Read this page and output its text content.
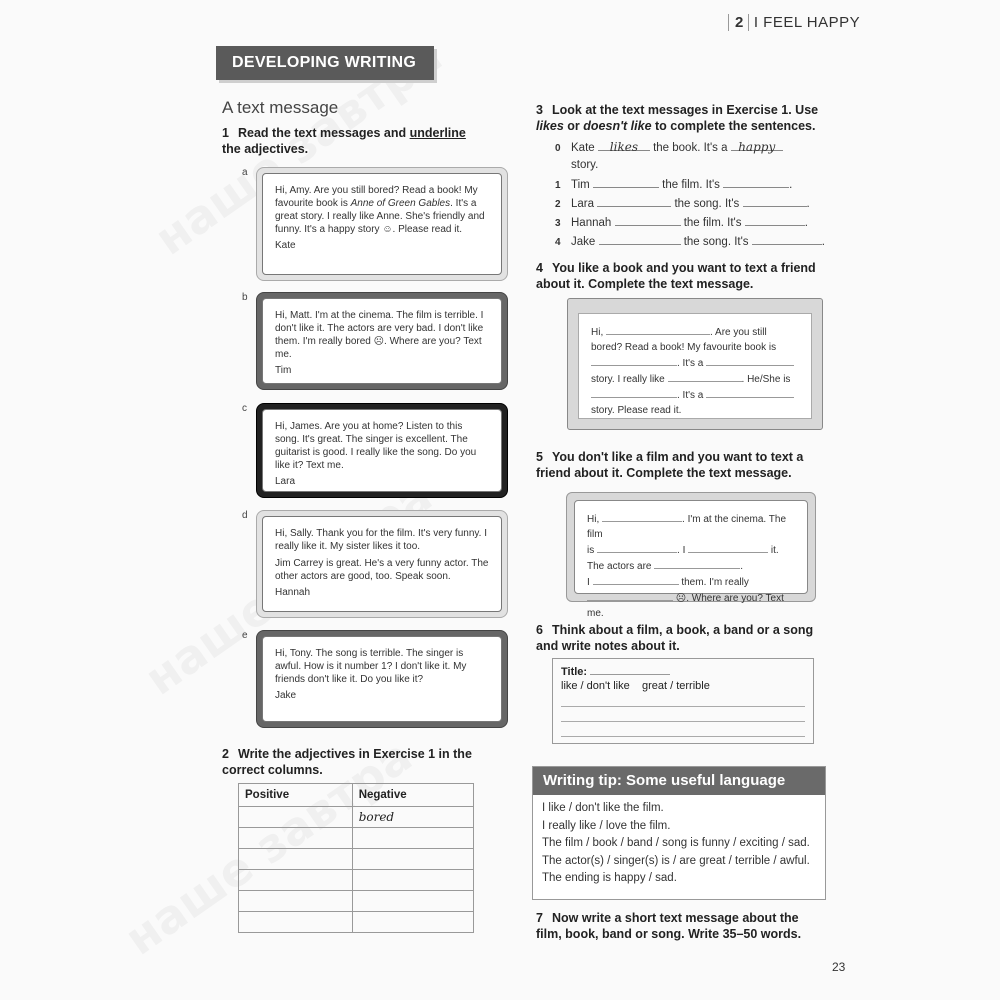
2 I FEEL HAPPY
DEVELOPING WRITING
A text message
1 Read the text messages and underline the adjectives.
a
Hi, Amy. Are you still bored? Read a book! My favourite book is Anne of Green Gables. It's a great story. I really like Anne. She's friendly and funny. It's a happy story ☺. Please read it.
Kate
b
Hi, Matt. I'm at the cinema. The film is terrible. I don't like it. The actors are very bad. I don't like them. I'm really bored ☹. Where are you? Text me.
Tim
c
Hi, James. Are you at home? Listen to this song. It's great. The singer is excellent. The guitarist is good. I really like the song. Do you like it? Text me.
Lara
d
Hi, Sally. Thank you for the film. It's very funny. I really like it. My sister likes it too.
Jim Carrey is great. He's a very funny actor. The other actors are good, too. Speak soon.
Hannah
e
Hi, Tony. The song is terrible. The singer is awful. How is it number 1? I don't like it. My friends don't like it. Do you like it?
Jake
2 Write the adjectives in Exercise 1 in the correct columns.
Positive	Negative
	bored

3 Look at the text messages in Exercise 1. Use likes or doesn't like to complete the sentences.
0 Kate likes the book. It's a happy
story.
1 Tim	the film. It's	.
2 Lara	the song. It's	.
3 Hannah	the film. It's	.
4 Jake	the song. It's	.
4 You like a book and you want to text a friend about it. Complete the text message.
Hi,	. Are you still
bored? Read a book! My favourite book is
. It's a
story. I really like	. He/She is
. It's a
story. Please read it.
5 You don't like a film and you want to text a friend about it. Complete the text message.
Hi,	. I'm at the cinema. The film
is	. I	it.
The actors are	.
I	them. I'm really
☹. Where are you? Text me.
6 Think about a film, a book, a band or a song and write notes about it.
Title:
like / don't like great / terrible
Writing tip: Some useful language
I like / don't like the film.
I really like / love the film.
The film / book / band / song is funny / exciting / sad.
The actor(s) / singer(s) is / are great / terrible / awful.
The ending is happy / sad.
7 Now write a short text message about the film, book, band or song. Write 35–50 words.
23
